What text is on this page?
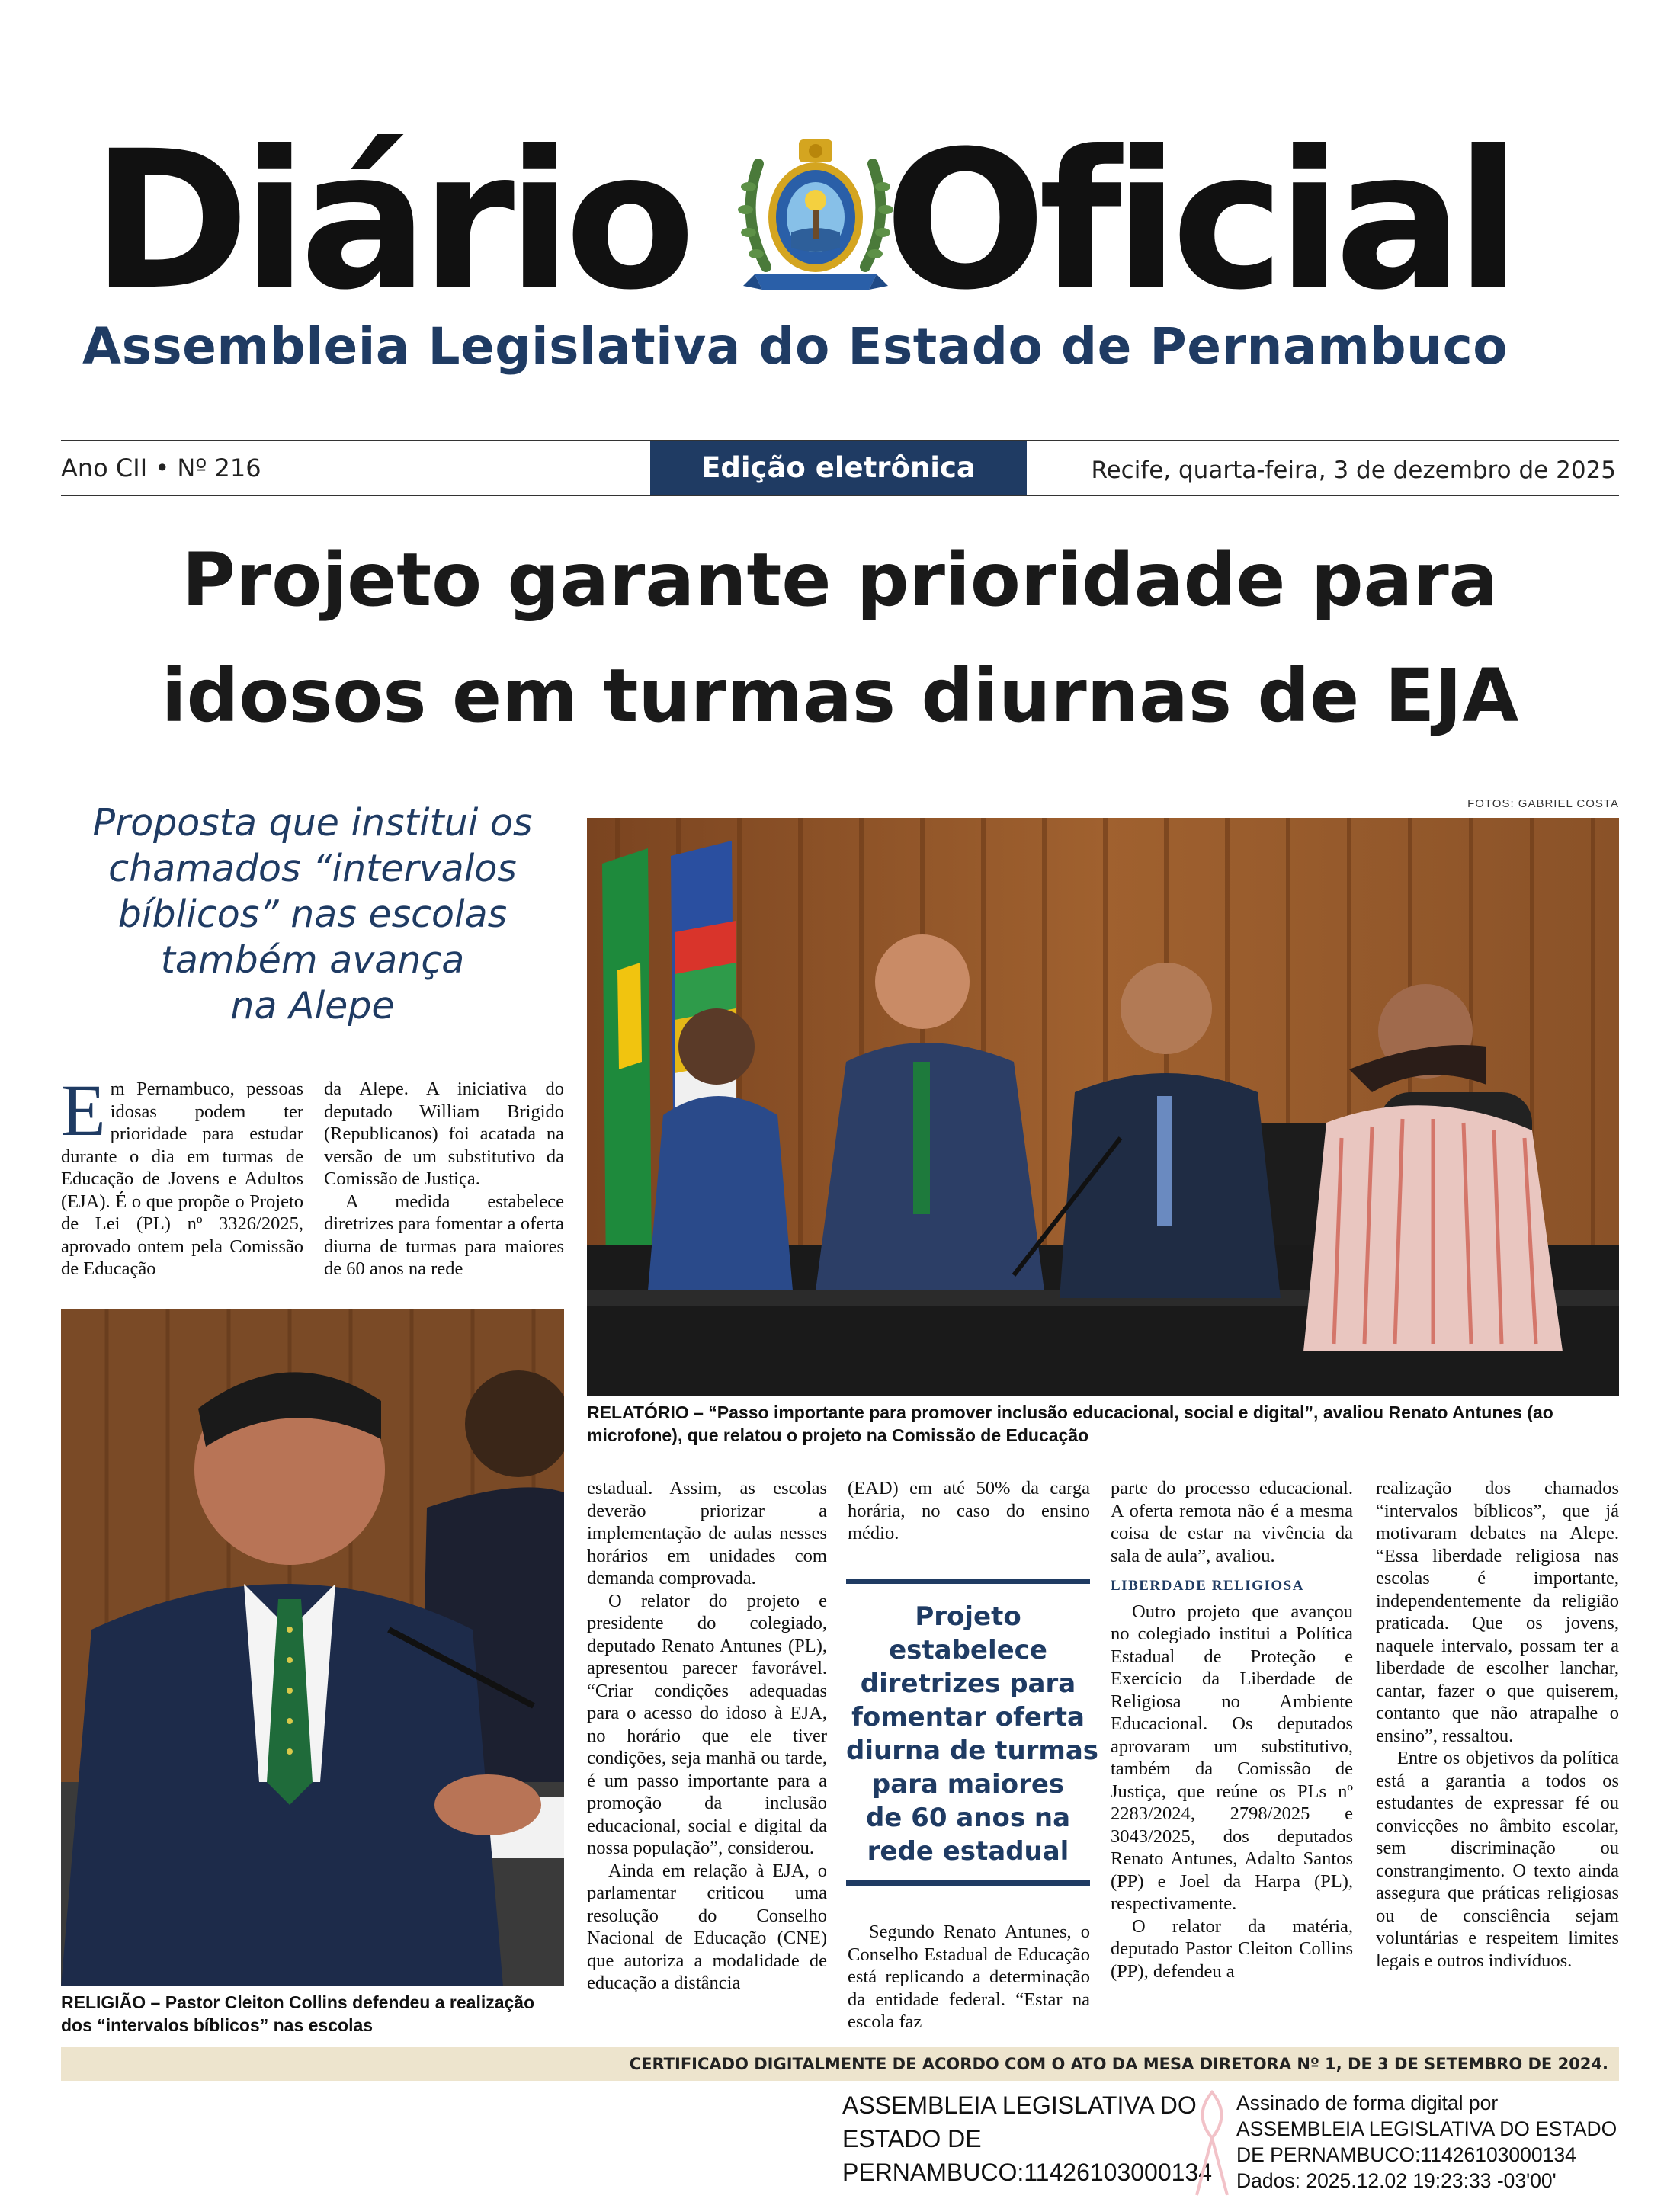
Diário Oficial
Assembleia Legislativa do Estado de Pernambuco
Ano CII • Nº 216	Edição eletrônica	Recife, quarta-feira, 3 de dezembro de 2025
Projeto garante prioridade para
idosos em turmas diurnas de EJA
Proposta que institui os
chamados “intervalos
bíblicos” nas escolas
também avança
na Alepe
FOTOS: GABRIEL COSTA
RELATÓRIO – “Passo importante para promover inclusão educacional, social e digital”, avaliou Renato Antunes (ao microfone), que relatou o projeto na Comissão de Educação
RELIGIÃO – Pastor Cleiton Collins defendeu a realização dos “intervalos bíblicos” nas escolas

Em Pernambuco, pessoas idosas podem ter prioridade para estudar durante o dia em turmas de Educação de Jovens e Adultos (EJA). É o que propõe o Projeto de Lei (PL) nº 3326/2025, aprovado ontem pela Comissão de Educação

da Alepe. A iniciativa do deputado William Brigido (Republicanos) foi acatada na versão de um substitutivo da Comissão de Justiça.

A medida estabelece diretrizes para fomentar a oferta diurna de turmas para maiores de 60 anos na rede

estadual. Assim, as escolas deverão priorizar a implementação de aulas nesses horários em unidades com demanda comprovada.

O relator do projeto e presidente do colegiado, deputado Renato Antunes (PL), apresentou parecer favorável. “Criar condições adequadas para o acesso do idoso à EJA, no horário que ele tiver condições, seja manhã ou tarde, é um passo importante para a promoção da inclusão educacional, social e digital da nossa população”, considerou.

Ainda em relação à EJA, o parlamentar criticou uma resolução do Conselho Nacional de Educação (CNE) que autoriza a modalidade de educação a distância

(EAD) em até 50% da carga horária, no caso do ensino médio.

Projeto
estabelece
diretrizes para
fomentar oferta
diurna de turmas
para maiores
de 60 anos na
rede estadual

Segundo Renato Antunes, o Conselho Estadual de Educação está replicando a determinação da entidade federal. “Estar na escola faz

parte do processo educacional. A oferta remota não é a mesma coisa de estar na vivência da sala de aula”, avaliou.

LIBERDADE RELIGIOSA

Outro projeto que avançou no colegiado institui a Política Estadual de Proteção e Exercício da Liberdade de Religiosa no Ambiente Educacional. Os deputados aprovaram um substitutivo, também da Comissão de Justiça, que reúne os PLs nº 2283/2024, 2798/2025 e 3043/2025, dos deputados Renato Antunes, Adalto Santos (PP) e Joel da Harpa (PL), respectivamente.

O relator da matéria, deputado Pastor Cleiton Collins (PP), defendeu a

realização dos chamados “intervalos bíblicos”, que já motivaram debates na Alepe. “Essa liberdade religiosa nas escolas é importante, independentemente da religião praticada. Que os jovens, naquele intervalo, possam ter a liberdade de escolher lanchar, cantar, fazer o que quiserem, contanto que não atrapalhe o ensino”, ressaltou.

Entre os objetivos da política está a garantia a todos os estudantes de expressar fé ou convicções no âmbito escolar, sem discriminação ou constrangimento. O texto ainda assegura que práticas religiosas ou de consciência sejam voluntárias e respeitem limites legais e outros indivíduos.

CERTIFICADO DIGITALMENTE DE ACORDO COM O ATO DA MESA DIRETORA Nº 1, DE 3 DE SETEMBRO DE 2024.
ASSEMBLEIA LEGISLATIVA DO
ESTADO DE
PERNAMBUCO:11426103000134
Assinado de forma digital por
ASSEMBLEIA LEGISLATIVA DO ESTADO
DE PERNAMBUCO:11426103000134
Dados: 2025.12.02 19:23:33 -03'00'
